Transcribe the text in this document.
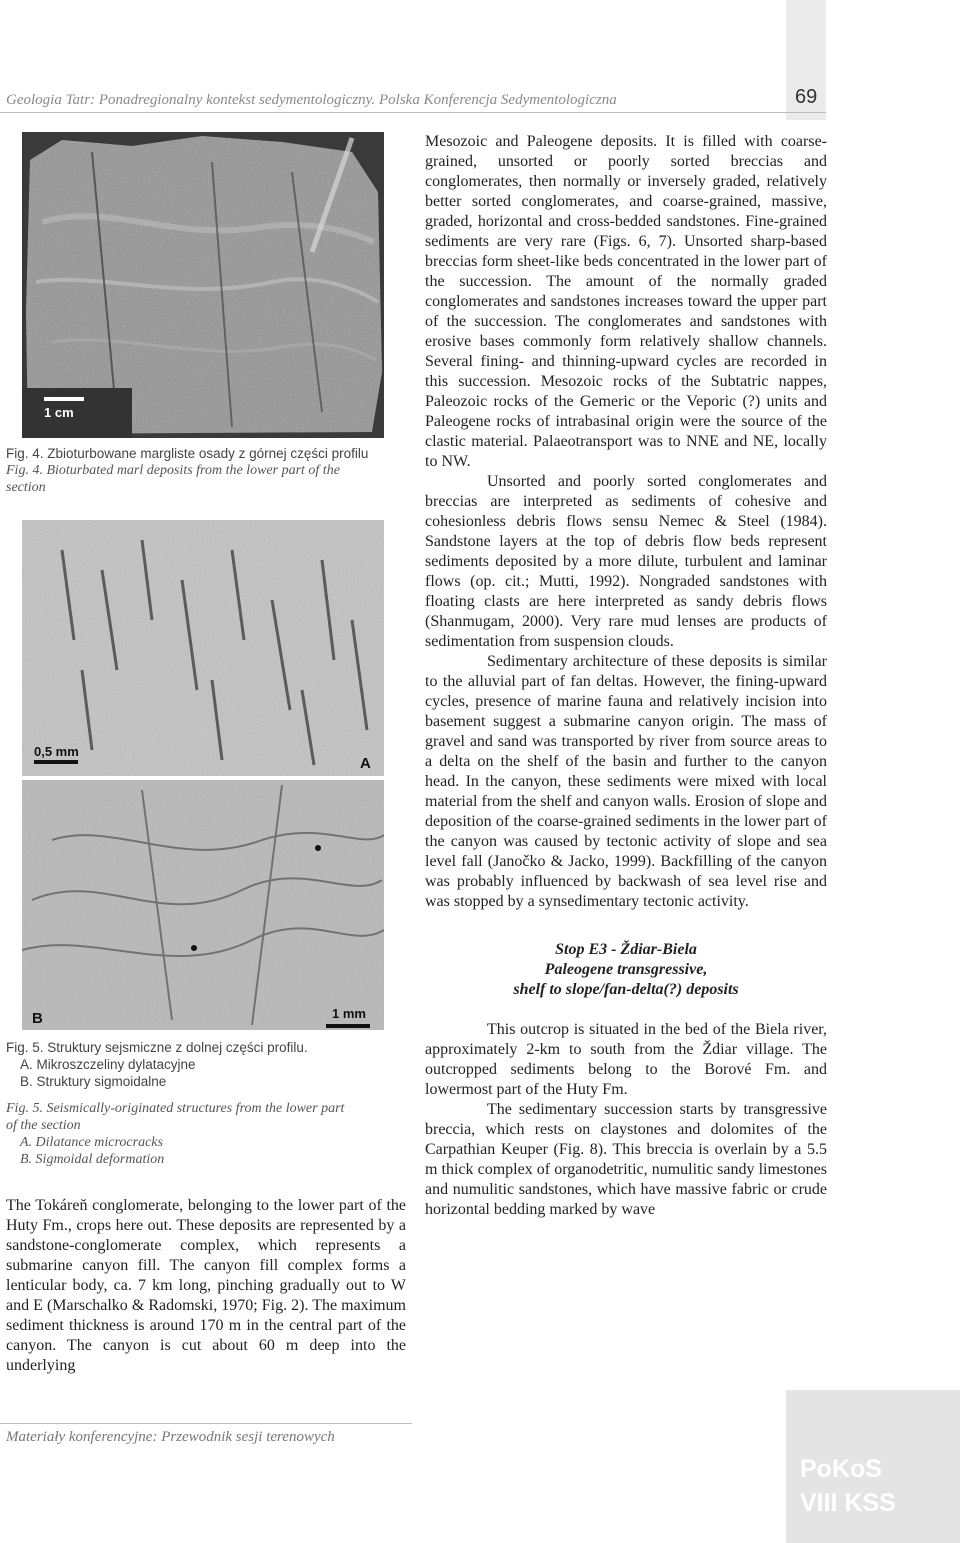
Geologia Tatr: Ponadregionalny kontekst sedymentologiczny. Polska Konferencja Sedymentologiczna	69
1 cm
Fig. 4. Zbioturbowane margliste osady z górnej części profilu
Fig. 4. Bioturbated marl deposits from the lower part of the
section
0,5 mm
A
B	1 mm
Fig. 5. Struktury sejsmiczne z dolnej części profilu.
A. Mikroszczeliny dylatacyjne
B. Struktury sigmoidalne
Fig. 5. Seismically-originated structures from the lower part
of the section
A. Dilatance microcracks
B. Sigmoidal deformation

The Tokáreň conglomerate, belonging to the lower part of the Huty Fm., crops here out. These deposits are represented by a sandstone-conglomerate complex, which represents a submarine canyon fill. The canyon fill complex forms a lenticular body, ca. 7 km long, pinching gradually out to W and E (Marschalko & Radomski, 1970; Fig. 2). The maximum sediment thickness is around 170 m in the central part of the canyon. The canyon is cut about 60 m deep into the underlying

Mesozoic and Paleogene deposits. It is filled with coarse-grained, unsorted or poorly sorted breccias and conglomerates, then normally or inversely graded, relatively better sorted conglomerates, and coarse-grained, massive, graded, horizontal and cross-bedded sandstones. Fine-grained sediments are very rare (Figs. 6, 7). Unsorted sharp-based breccias form sheet-like beds concentrated in the lower part of the succession. The amount of the normally graded conglomerates and sandstones increases toward the upper part of the succession. The conglomerates and sandstones with erosive bases commonly form relatively shallow channels. Several fining- and thinning-upward cycles are recorded in this succession. Mesozoic rocks of the Subtatric nappes, Paleozoic rocks of the Gemeric or the Veporic (?) units and Paleogene rocks of intrabasinal origin were the source of the clastic material. Palaeotransport was to NNE and NE, locally to NW.

Unsorted and poorly sorted conglomerates and breccias are interpreted as sediments of cohesive and cohesionless debris flows sensu Nemec & Steel (1984). Sandstone layers at the top of debris flow beds represent sediments deposited by a more dilute, turbulent and laminar flows (op. cit.; Mutti, 1992). Nongraded sandstones with floating clasts are here interpreted as sandy debris flows (Shanmugam, 2000). Very rare mud lenses are products of sedimentation from suspension clouds.

Sedimentary architecture of these deposits is similar to the alluvial part of fan deltas. However, the fining-upward cycles, presence of marine fauna and relatively incision into basement suggest a submarine canyon origin. The mass of gravel and sand was transported by river from source areas to a delta on the shelf of the basin and further to the canyon head. In the canyon, these sediments were mixed with local material from the shelf and canyon walls. Erosion of slope and deposition of the coarse-grained sediments in the lower part of the canyon was caused by tectonic activity of slope and sea level fall (Janočko & Jacko, 1999). Backfilling of the canyon was probably influenced by backwash of sea level rise and was stopped by a synsedimentary tectonic activity.

Stop E3 - Ždiar-Biela
Paleogene transgressive,
shelf to slope/fan-delta(?) deposits

This outcrop is situated in the bed of the Biela river, approximately 2-km to south from the Ždiar village. The outcropped sediments belong to the Borové Fm. and lowermost part of the Huty Fm.

The sedimentary succession starts by transgressive breccia, which rests on claystones and dolomites of the Carpathian Keuper (Fig. 8). This breccia is overlain by a 5.5 m thick complex of organodetritic, numulitic sandy limestones and numulitic sandstones, which have massive fabric or crude horizontal bedding marked by wave

Materiały konferencyjne: Przewodnik sesji terenowych
PoKoS
VIII KSS
